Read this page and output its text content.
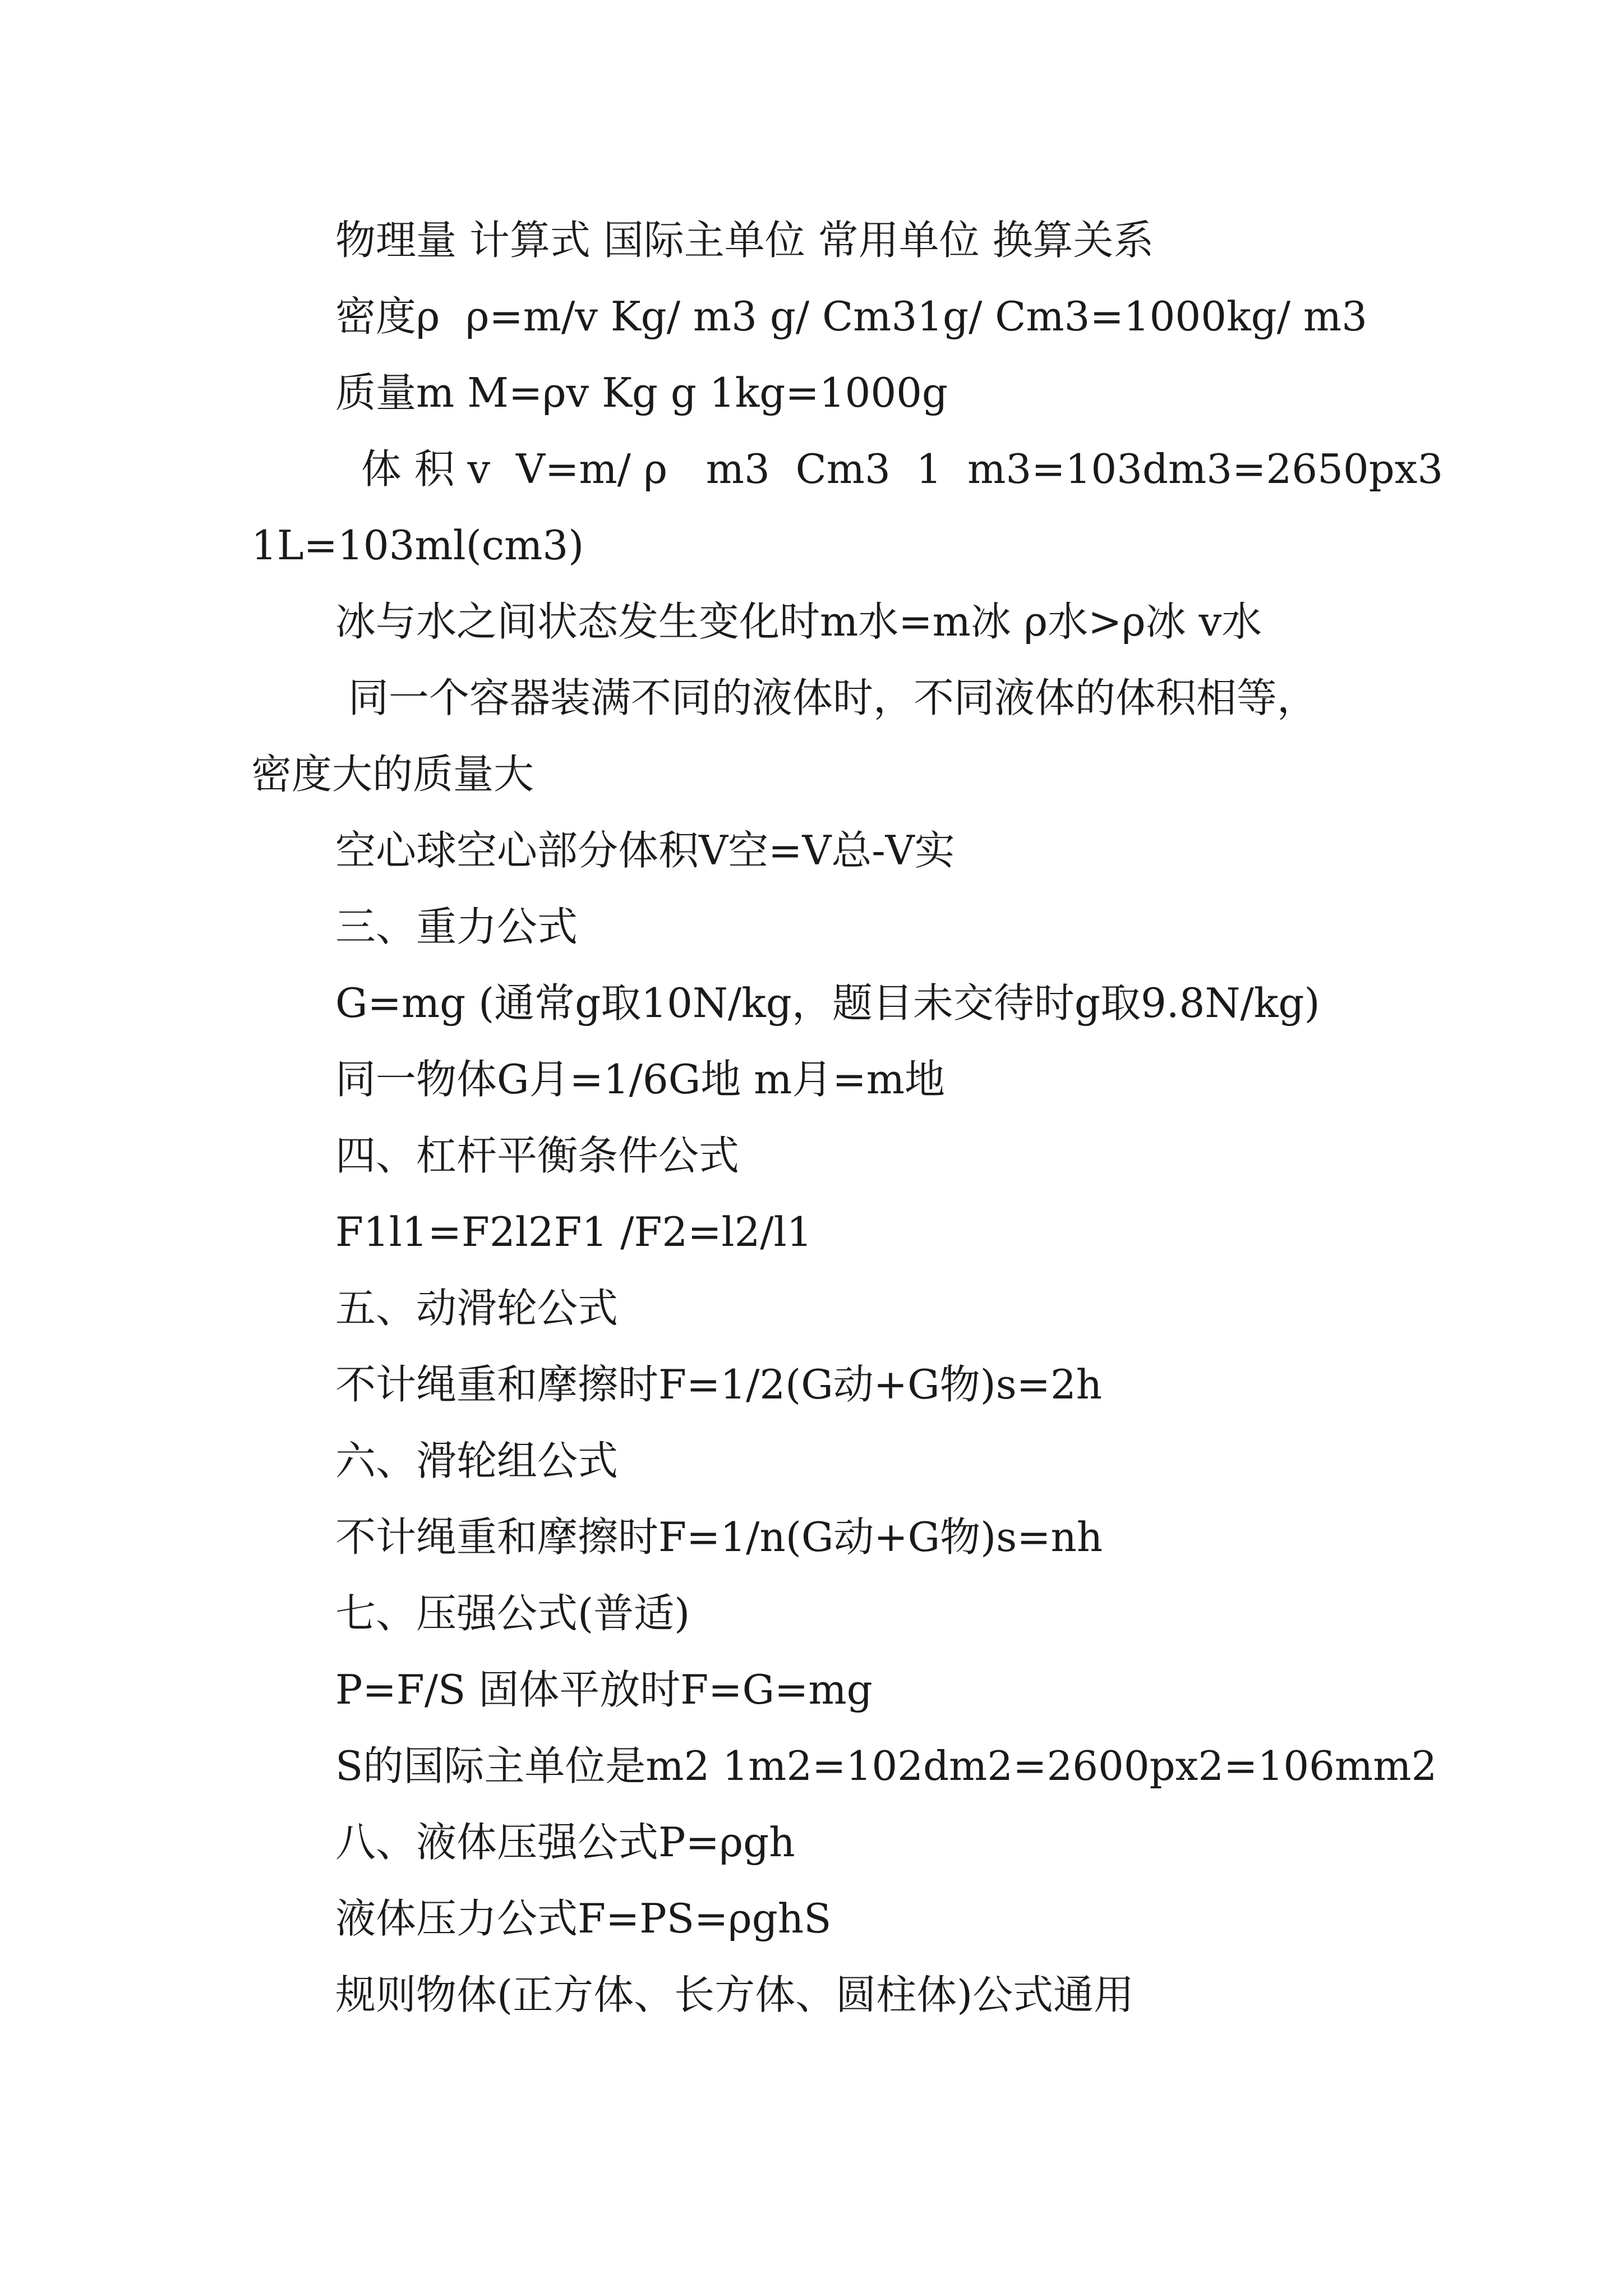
物理量 计算式 国际主单位 常用单位 换算关系

密度ρ  ρ=m/v Kg/ m3 g/ Cm31g/ Cm3=1000kg/ m3

质量m M=ρv Kg g 1kg=1000g

体 积 v  V=m/ ρ   m3  Cm3  1  m3=103dm3=2650px3

1L=103ml(cm3)

冰与水之间状态发生变化时m水=m冰 ρ水>ρ冰 v水

同一个容器装满不同的液体时，不同液体的体积相等，

密度大的质量大

空心球空心部分体积V空=V总-V实

三、重力公式

G=mg (通常g取10N/kg，题目未交待时g取9.8N/kg)

同一物体G月=1/6G地 m月=m地

四、杠杆平衡条件公式

F1l1=F2l2F1 /F2=l2/l1

五、动滑轮公式

不计绳重和摩擦时F=1/2(G动+G物)s=2h

六、滑轮组公式

不计绳重和摩擦时F=1/n(G动+G物)s=nh

七、压强公式(普适)

P=F/S 固体平放时F=G=mg

S的国际主单位是m2 1m2=102dm2=2600px2=106mm2

八、液体压强公式P=ρgh

液体压力公式F=PS=ρghS

规则物体(正方体、长方体、圆柱体)公式通用
